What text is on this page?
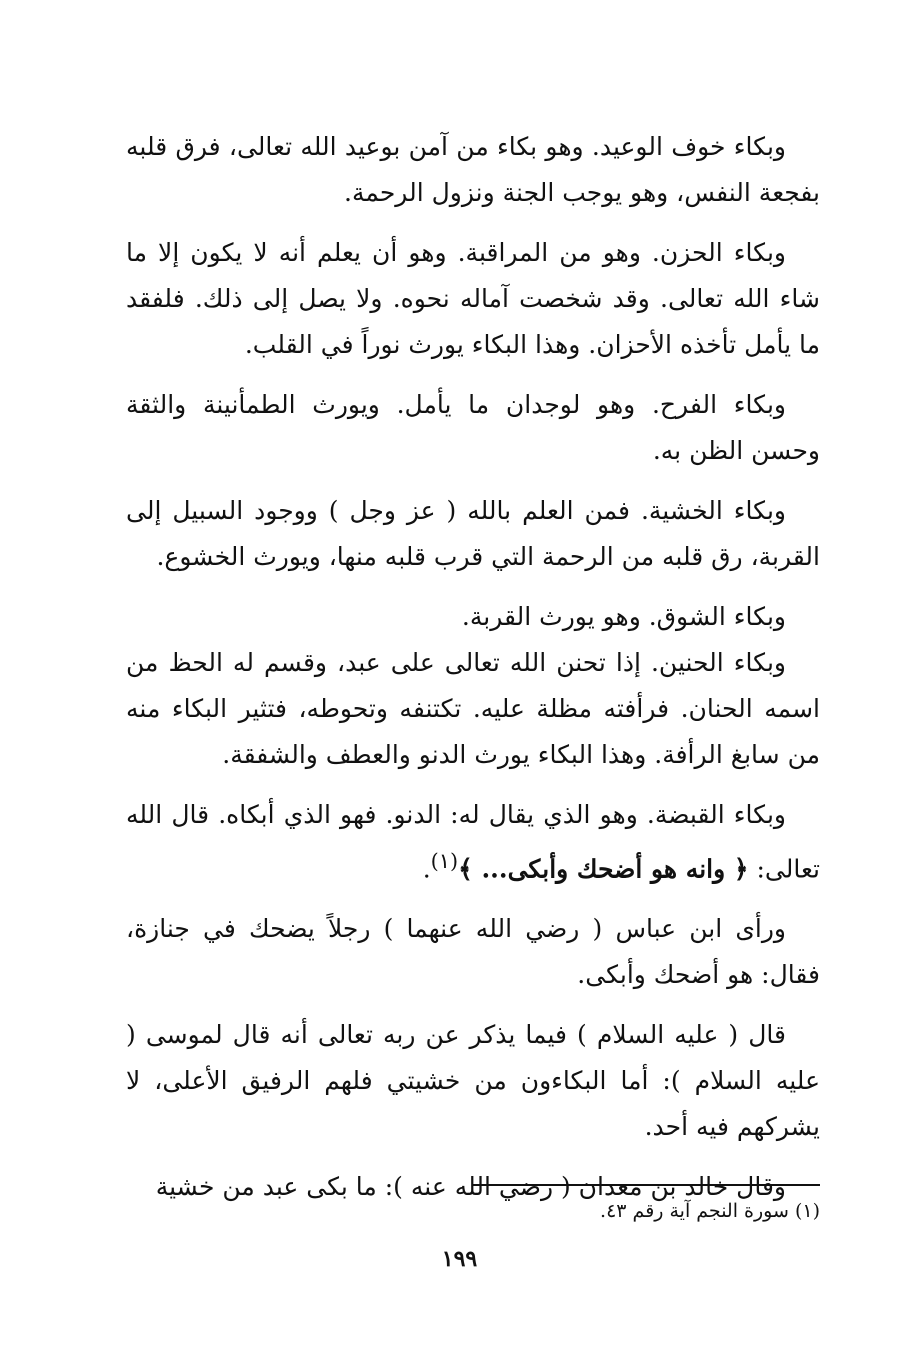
وبكاء خوف الوعيد. وهو بكاء من آمن بوعيد الله تعالى، فرق قلبه بفجعة النفس، وهو يوجب الجنة ونزول الرحمة.

وبكاء الحزن. وهو من المراقبة. وهو أن يعلم أنه لا يكون إلا ما شاء الله تعالى. وقد شخصت آماله نحوه. ولا يصل إلى ذلك. فلفقد ما يأمل تأخذه الأحزان. وهذا البكاء يورث نوراً في القلب.

وبكاء الفرح. وهو لوجدان ما يأمل. ويورث الطمأنينة والثقة وحسن الظن به.

وبكاء الخشية. فمن العلم بالله ( عز وجل ) ووجود السبيل إلى القربة، رق قلبه من الرحمة التي قرب قلبه منها، ويورث الخشوع.

وبكاء الشوق. وهو يورث القربة.

وبكاء الحنين. إذا تحنن الله تعالى على عبد، وقسم له الحظ من اسمه الحنان. فرأفته مظلة عليه. تكتنفه وتحوطه، فتثير البكاء منه من سابغ الرأفة. وهذا البكاء يورث الدنو والعطف والشفقة.

وبكاء القبضة. وهو الذي يقال له: الدنو. فهو الذي أبكاه. قال الله تعالى: ﴿ وانه هو أضحك وأبكى... ﴾$^{(١)}$.

ورأى ابن عباس ( رضي الله عنهما ) رجلاً يضحك في جنازة، فقال: هو أضحك وأبكى.

قال ( عليه السلام ) فيما يذكر عن ربه تعالى أنه قال لموسى ( عليه السلام ): أما البكاءون من خشيتي فلهم الرفيق الأعلى، لا يشركهم فيه أحد.

وقال خالد بن معدان ( رضي الله عنه ): ما بكى عبد من خشية

(١) سورة النجم آية رقم ٤٣.
١٩٩
